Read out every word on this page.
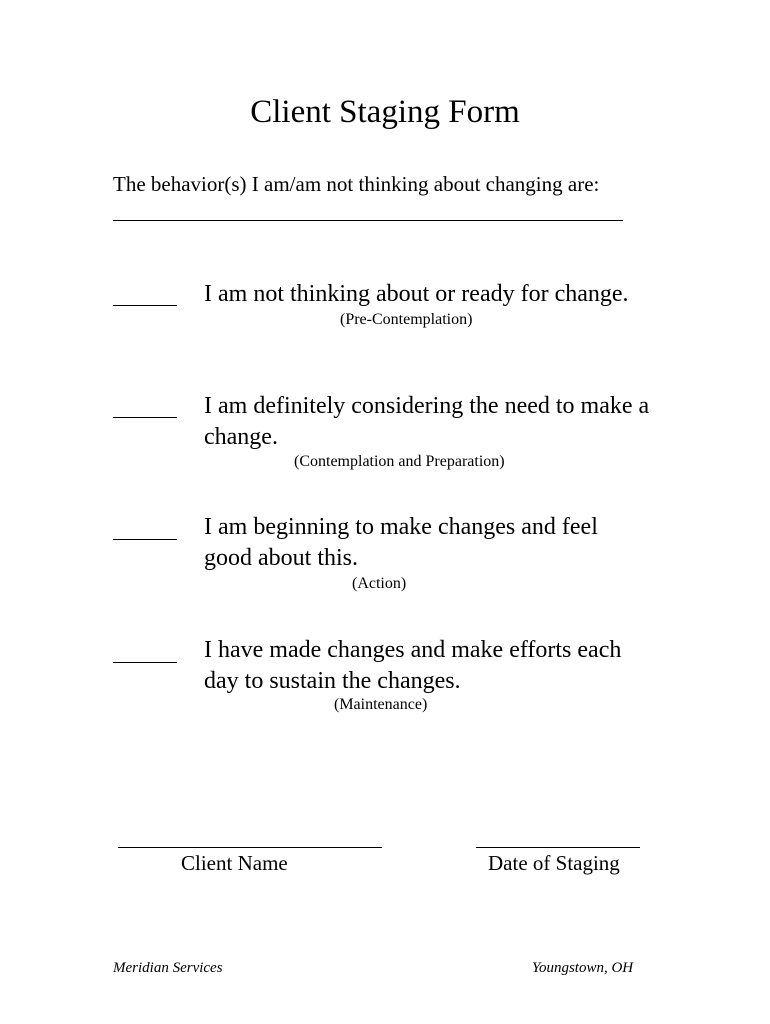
Client Staging Form
The behavior(s) I am/am not thinking about changing are:
I am not thinking about or ready for change.
(Pre-Contemplation)
I am definitely considering the need to make a change.
(Contemplation and Preparation)
I am beginning to make changes and feel good about this.
(Action)
I have made changes and make efforts each day to sustain the changes.
(Maintenance)
Client Name	Date of Staging
Meridian Services	Youngstown, OH
